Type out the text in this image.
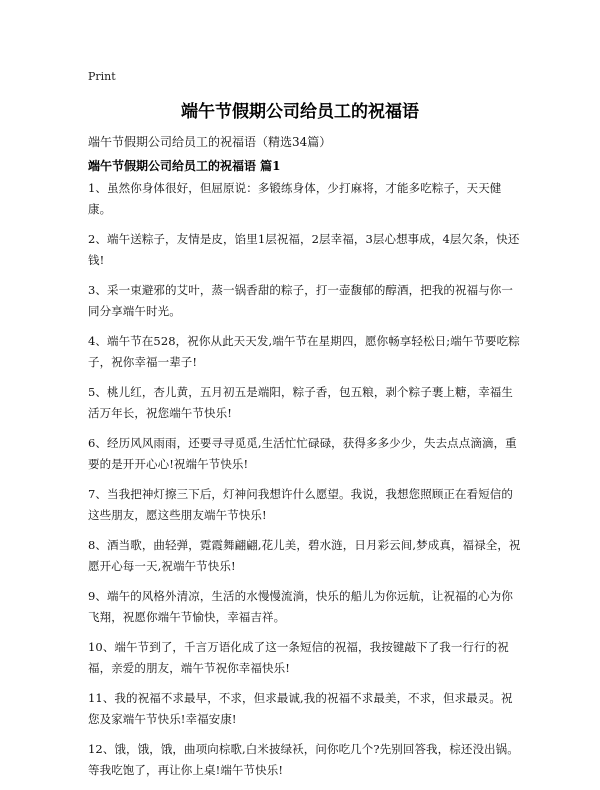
Print
端午节假期公司给员工的祝福语

端午节假期公司给员工的祝福语（精选34篇）

端午节假期公司给员工的祝福语 篇1
1、虽然你身体很好，但屈原说：多锻练身体，少打麻将，才能多吃粽子，天天健康。
2、端午送粽子，友情是皮，馅里1层祝福，2层幸福，3层心想事成，4层欠条，快还钱!
3、采一束避邪的艾叶，蒸一锅香甜的粽子，打一壶馥郁的醇酒，把我的祝福与你一同分享端午时光。
4、端午节在528，祝你从此天天发,端午节在星期四，愿你畅享轻松日;端午节要吃粽子，祝你幸福一辈子!
5、桃儿红，杏儿黄，五月初五是端阳，粽子香，包五粮，剥个粽子裹上糖，幸福生活万年长，祝您端午节快乐!
6、经历风风雨雨，还要寻寻觅觅,生活忙忙碌碌，获得多多少少，失去点点滴滴，重要的是开开心心!祝端午节快乐!
7、当我把神灯擦三下后，灯神问我想许什么愿望。我说，我想您照顾正在看短信的这些朋友，愿这些朋友端午节快乐!
8、酒当歌，曲轻弹，霓霞舞翩翩,花儿美，碧水涟，日月彩云间,梦成真，福禄全，祝愿开心每一天,祝端午节快乐!
9、端午的风格外清凉，生活的水慢慢流淌，快乐的船儿为你远航，让祝福的心为你飞翔，祝愿你端午节愉快，幸福吉祥。
10、端午节到了，千言万语化成了这一条短信的祝福，我按键敲下了我一行行的祝福，亲爱的朋友，端午节祝你幸福快乐!
11、我的祝福不求最早，不求，但求最诚,我的祝福不求最美，不求，但求最灵。祝您及家端午节快乐!幸福安康!
12、饿，饿，饿，曲项向棕歌,白米披绿袄，问你吃几个?先别回答我，棕还没出锅。等我吃饱了，再让你上桌!端午节快乐!
